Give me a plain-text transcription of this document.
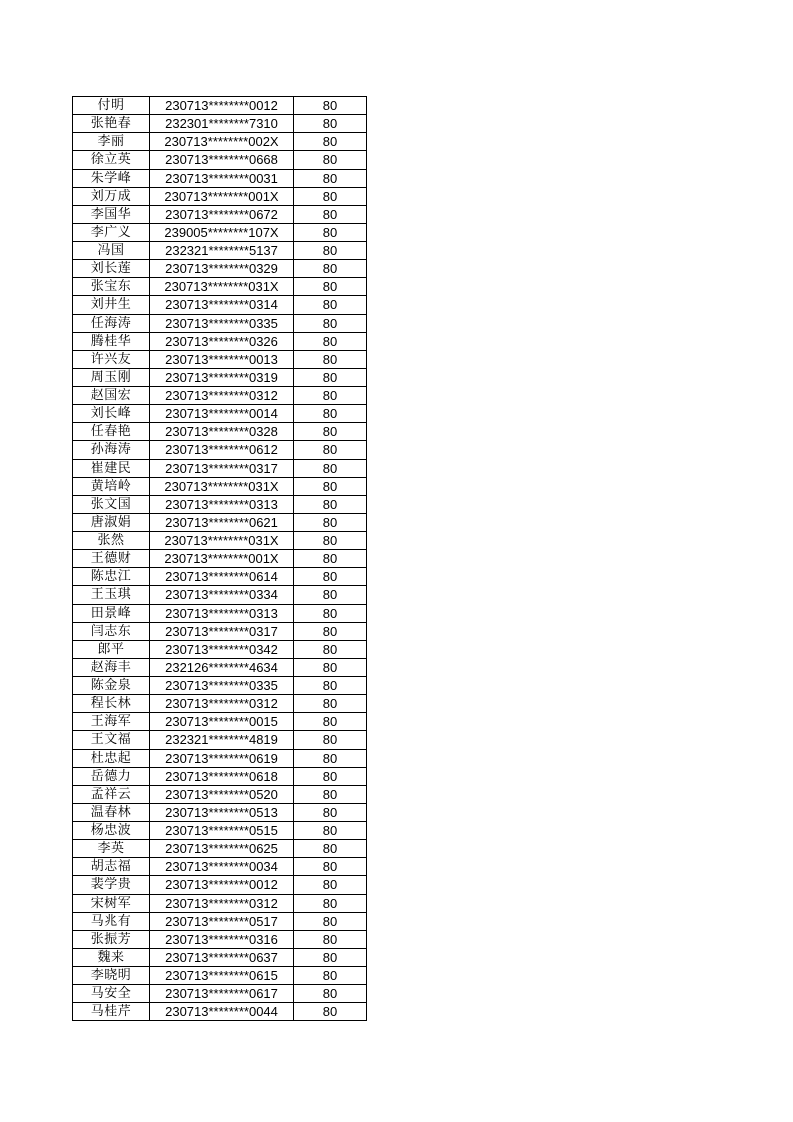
付明	230713********0012	80
张艳春	232301********7310	80
李丽	230713********002X	80
徐立英	230713********0668	80
朱学峰	230713********0031	80
刘万成	230713********001X	80
李国华	230713********0672	80
李广义	239005********107X	80
冯国	232321********5137	80
刘长莲	230713********0329	80
张宝东	230713********031X	80
刘井生	230713********0314	80
任海涛	230713********0335	80
腾桂华	230713********0326	80
许兴友	230713********0013	80
周玉刚	230713********0319	80
赵国宏	230713********0312	80
刘长峰	230713********0014	80
任春艳	230713********0328	80
孙海涛	230713********0612	80
崔建民	230713********0317	80
黄培岭	230713********031X	80
张文国	230713********0313	80
唐淑娟	230713********0621	80
张然	230713********031X	80
王德财	230713********001X	80
陈忠江	230713********0614	80
王玉琪	230713********0334	80
田景峰	230713********0313	80
闫志东	230713********0317	80
郎平	230713********0342	80
赵海丰	232126********4634	80
陈金泉	230713********0335	80
程长林	230713********0312	80
王海军	230713********0015	80
王文福	232321********4819	80
杜忠起	230713********0619	80
岳德力	230713********0618	80
孟祥云	230713********0520	80
温春林	230713********0513	80
杨忠波	230713********0515	80
李英	230713********0625	80
胡志福	230713********0034	80
裴学贵	230713********0012	80
宋树军	230713********0312	80
马兆有	230713********0517	80
张振芳	230713********0316	80
魏来	230713********0637	80
李晓明	230713********0615	80
马安全	230713********0617	80
马桂芹	230713********0044	80
